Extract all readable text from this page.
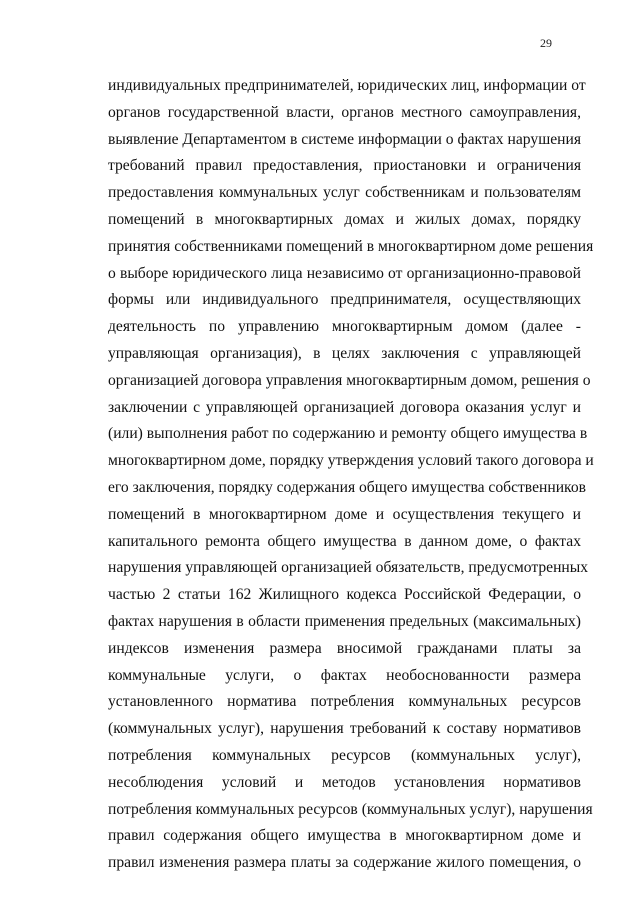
29
индивидуальных предпринимателей, юридических лиц, информации от
органов государственной власти, органов местного самоуправления,
выявление Департаментом в системе информации о фактах нарушения
требований правил предоставления, приостановки и ограничения
предоставления коммунальных услуг собственникам и пользователям
помещений в многоквартирных домах и жилых домах, порядку
принятия собственниками помещений в многоквартирном доме решения
о выборе юридического лица независимо от организационно-правовой
формы или индивидуального предпринимателя, осуществляющих
деятельность по управлению многоквартирным домом (далее -
управляющая организация), в целях заключения с управляющей
организацией договора управления многоквартирным домом, решения о
заключении с управляющей организацией договора оказания услуг и
(или) выполнения работ по содержанию и ремонту общего имущества в
многоквартирном доме, порядку утверждения условий такого договора и
его заключения, порядку содержания общего имущества собственников
помещений в многоквартирном доме и осуществления текущего и
капитального ремонта общего имущества в данном доме, о фактах
нарушения управляющей организацией обязательств, предусмотренных
частью 2 статьи 162 Жилищного кодекса Российской Федерации, о
фактах нарушения в области применения предельных (максимальных)
индексов изменения размера вносимой гражданами платы за
коммунальные услуги, о фактах необоснованности размера
установленного норматива потребления коммунальных ресурсов
(коммунальных услуг), нарушения требований к составу нормативов
потребления коммунальных ресурсов (коммунальных услуг),
несоблюдения условий и методов установления нормативов
потребления коммунальных ресурсов (коммунальных услуг), нарушения
правил содержания общего имущества в многоквартирном доме и
правил изменения размера платы за содержание жилого помещения, о
